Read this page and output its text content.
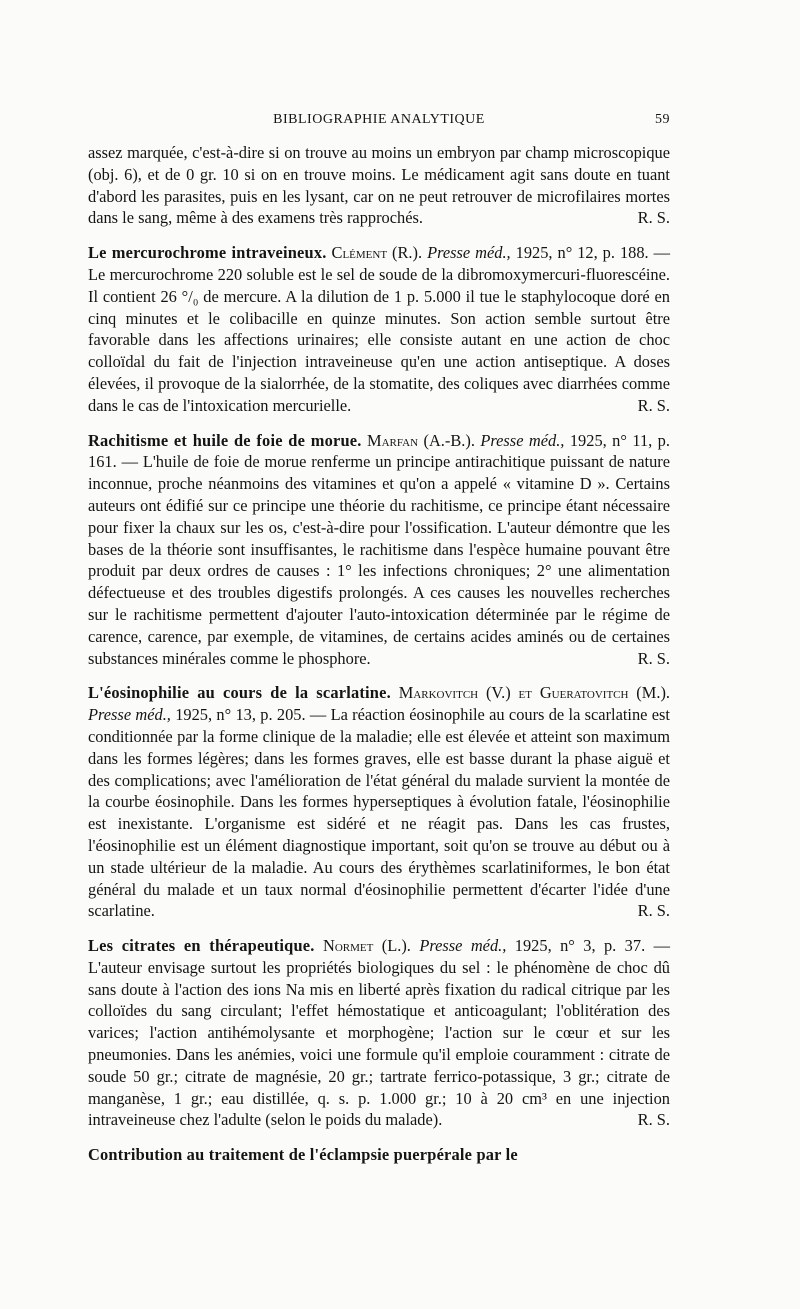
BIBLIOGRAPHIE ANALYTIQUE	59

assez marquée, c'est-à-dire si on trouve au moins un embryon par champ microscopique (obj. 6), et de 0 gr. 10 si on en trouve moins. Le médicament agit sans doute en tuant d'abord les parasites, puis en les lysant, car on ne peut retrouver de microfilaires mortes dans le sang, même à des examens très rapprochés.	R. S.

Le mercurochrome intraveineux. Clément (R.). Presse méd., 1925, n° 12, p. 188. — Le mercurochrome 220 soluble est le sel de soude de la dibromoxymercuri-fluorescéine. Il contient 26 °/₀ de mercure. A la dilution de 1 p. 5.000 il tue le staphylocoque doré en cinq minutes et le colibacille en quinze minutes. Son action semble surtout être favorable dans les affections urinaires; elle consiste autant en une action de choc colloïdal du fait de l'injection intraveineuse qu'en une action antiseptique. A doses élevées, il provoque de la sialorrhée, de la stomatite, des coliques avec diarrhées comme dans le cas de l'intoxication mercurielle.	R. S.

Rachitisme et huile de foie de morue. Marfan (A.-B.). Presse méd., 1925, n° 11, p. 161. — L'huile de foie de morue renferme un principe antirachitique puissant de nature inconnue, proche néanmoins des vitamines et qu'on a appelé « vitamine D ». Certains auteurs ont édifié sur ce principe une théorie du rachitisme, ce principe étant nécessaire pour fixer la chaux sur les os, c'est-à-dire pour l'ossification. L'auteur démontre que les bases de la théorie sont insuffisantes, le rachitisme dans l'espèce humaine pouvant être produit par deux ordres de causes : 1° les infections chroniques; 2° une alimentation défectueuse et des troubles digestifs prolongés. A ces causes les nouvelles recherches sur le rachitisme permettent d'ajouter l'auto-intoxication déterminée par le régime de carence, carence, par exemple, de vitamines, de certains acides aminés ou de certaines substances minérales comme le phosphore.	R. S.

L'éosinophilie au cours de la scarlatine. Markovitch (V.) et Gueratovitch (M.). Presse méd., 1925, n° 13, p. 205. — La réaction éosinophile au cours de la scarlatine est conditionnée par la forme clinique de la maladie; elle est élevée et atteint son maximum dans les formes légères; dans les formes graves, elle est basse durant la phase aiguë et des complications; avec l'amélioration de l'état général du malade survient la montée de la courbe éosinophile. Dans les formes hyperseptiques à évolution fatale, l'éosinophilie est inexistante. L'organisme est sidéré et ne réagit pas. Dans les cas frustes, l'éosinophilie est un élément diagnostique important, soit qu'on se trouve au début ou à un stade ultérieur de la maladie. Au cours des érythèmes scarlatiniformes, le bon état général du malade et un taux normal d'éosinophilie permettent d'écarter l'idée d'une scarlatine.	R. S.

Les citrates en thérapeutique. Normet (L.). Presse méd., 1925, n° 3, p. 37. — L'auteur envisage surtout les propriétés biologiques du sel : le phénomène de choc dû sans doute à l'action des ions Na mis en liberté après fixation du radical citrique par les colloïdes du sang circulant; l'effet hémostatique et anticoagulant; l'oblitération des varices; l'action antihémolysante et morphogène; l'action sur le cœur et sur les pneumonies. Dans les anémies, voici une formule qu'il emploie couramment : citrate de soude 50 gr.; citrate de magnésie, 20 gr.; tartrate ferrico-potassique, 3 gr.; citrate de manganèse, 1 gr.; eau distillée, q. s. p. 1.000 gr.; 10 à 20 cm³ en une injection intraveineuse chez l'adulte (selon le poids du malade).	R. S.

Contribution au traitement de l'éclampsie puerpérale par le
